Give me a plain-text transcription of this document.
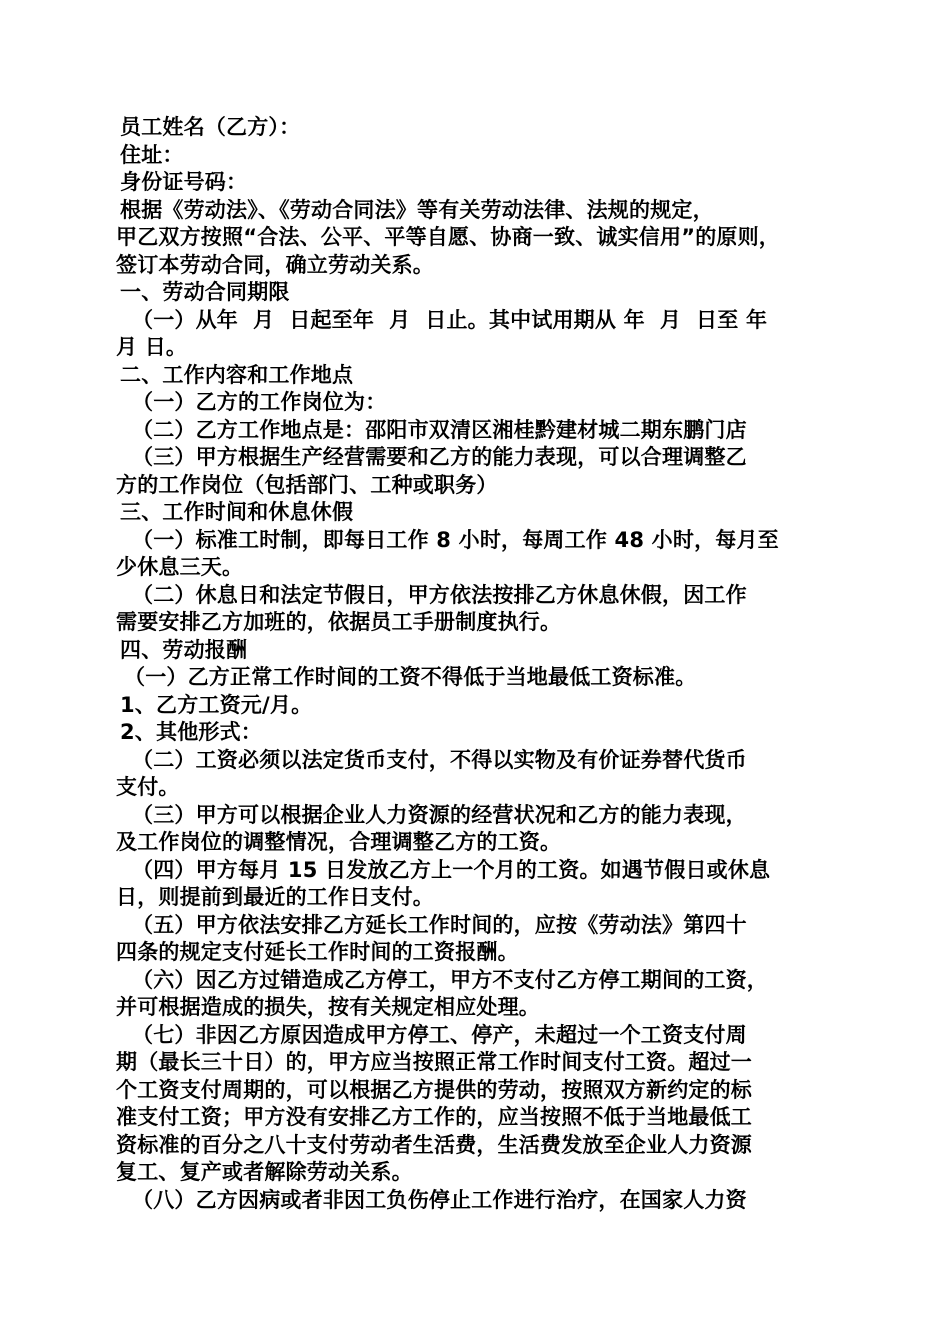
员工姓名（乙方）：

住址：

身份证号码：

根据《劳动法》、《劳动合同法》等有关劳动法律、法规的规定，

甲乙双方按照“合法、公平、平等自愿、协商一致、诚实信用”的原则，

签订本劳动合同，确立劳动关系。

一、劳动合同期限

（一）从年  月  日起至年  月  日止。其中试用期从 年  月  日至 年

月 日。

二、工作内容和工作地点

（一）乙方的工作岗位为：

（二）乙方工作地点是：邵阳市双清区湘桂黔建材城二期东鹏门店

（三）甲方根据生产经营需要和乙方的能力表现，可以合理调整乙

方的工作岗位（包括部门、工种或职务）

三、工作时间和休息休假

（一）标准工时制，即每日工作 8 小时，每周工作 48 小时，每月至

少休息三天。

（二）休息日和法定节假日，甲方依法按排乙方休息休假，因工作

需要安排乙方加班的，依据员工手册制度执行。

四、劳动报酬

（一）乙方正常工作时间的工资不得低于当地最低工资标准。

1、乙方工资元/月。

2、其他形式：

（二）工资必须以法定货币支付，不得以实物及有价证券替代货币

支付。

（三）甲方可以根据企业人力资源的经营状况和乙方的能力表现，

及工作岗位的调整情况，合理调整乙方的工资。

（四）甲方每月 15 日发放乙方上一个月的工资。如遇节假日或休息

日，则提前到最近的工作日支付。

（五）甲方依法安排乙方延长工作时间的，应按《劳动法》第四十

四条的规定支付延长工作时间的工资报酬。

（六）因乙方过错造成乙方停工，甲方不支付乙方停工期间的工资，

并可根据造成的损失，按有关规定相应处理。

（七）非因乙方原因造成甲方停工、停产，未超过一个工资支付周

期（最长三十日）的，甲方应当按照正常工作时间支付工资。超过一

个工资支付周期的，可以根据乙方提供的劳动，按照双方新约定的标

准支付工资；甲方没有安排乙方工作的，应当按照不低于当地最低工

资标准的百分之八十支付劳动者生活费，生活费发放至企业人力资源

复工、复产或者解除劳动关系。

（八）乙方因病或者非因工负伤停止工作进行治疗，在国家人力资
